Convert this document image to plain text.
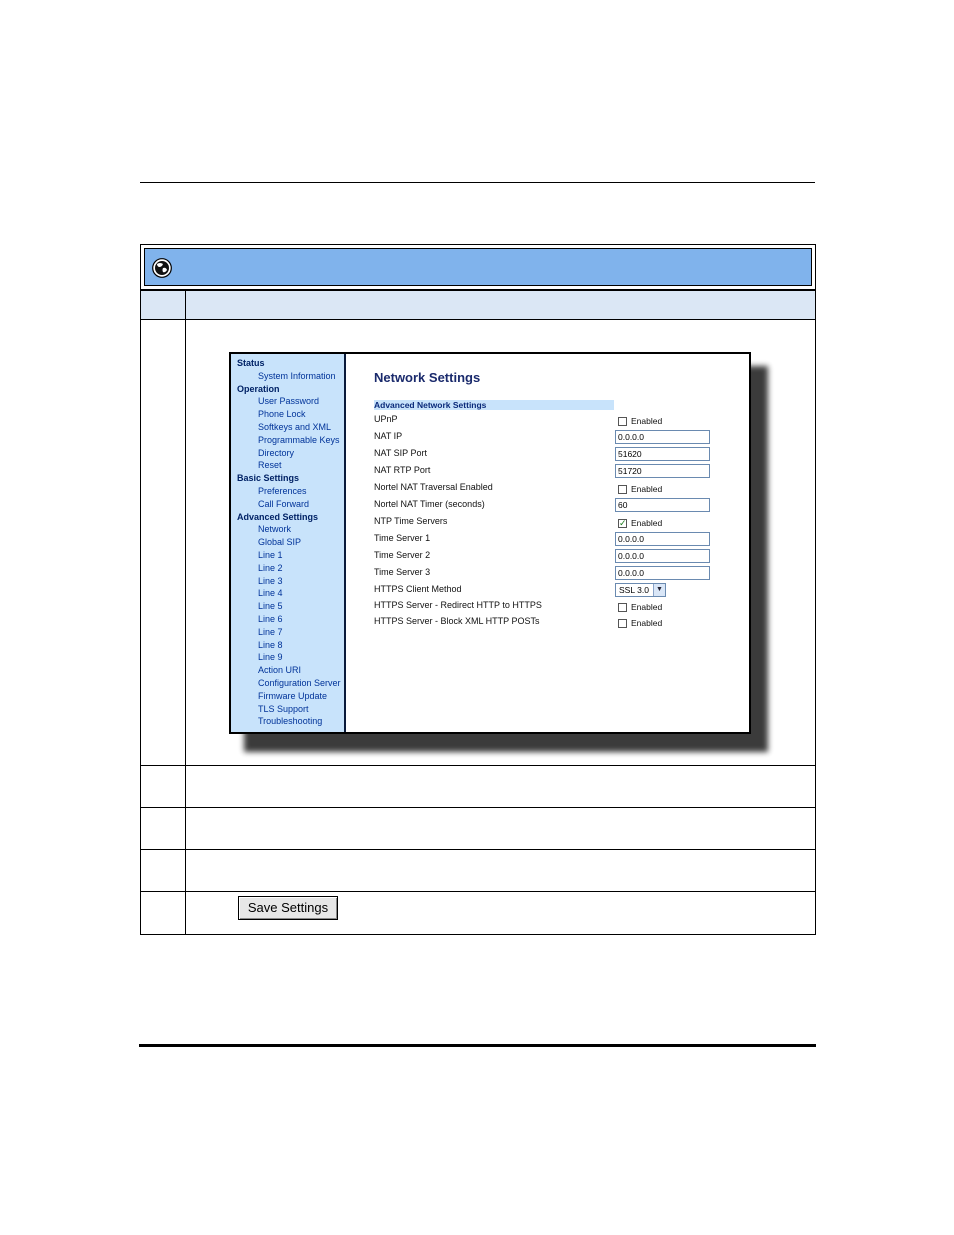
Status
System Information
Operation
User Password
Phone Lock
Softkeys and XML
Programmable Keys
Directory
Reset
Basic Settings
Preferences
Call Forward
Advanced Settings
Network
Global SIP
Line 1
Line 2
Line 3
Line 4
Line 5
Line 6
Line 7
Line 8
Line 9
Action URI
Configuration Server
Firmware Update
TLS Support
Troubleshooting
Network Settings
Advanced Network Settings
UPnP	Enabled
NAT IP	0.0.0.0
NAT SIP Port	51620
NAT RTP Port	51720
Nortel NAT Traversal Enabled	Enabled
Nortel NAT Timer (seconds)	60
NTP Time Servers	✓ Enabled
Time Server 1	0.0.0.0
Time Server 2	0.0.0.0
Time Server 3	0.0.0.0
HTTPS Client Method	SSL 3.0	▼
HTTPS Server - Redirect HTTP to HTTPS	Enabled
HTTPS Server - Block XML HTTP POSTs	Enabled
Save Settings
